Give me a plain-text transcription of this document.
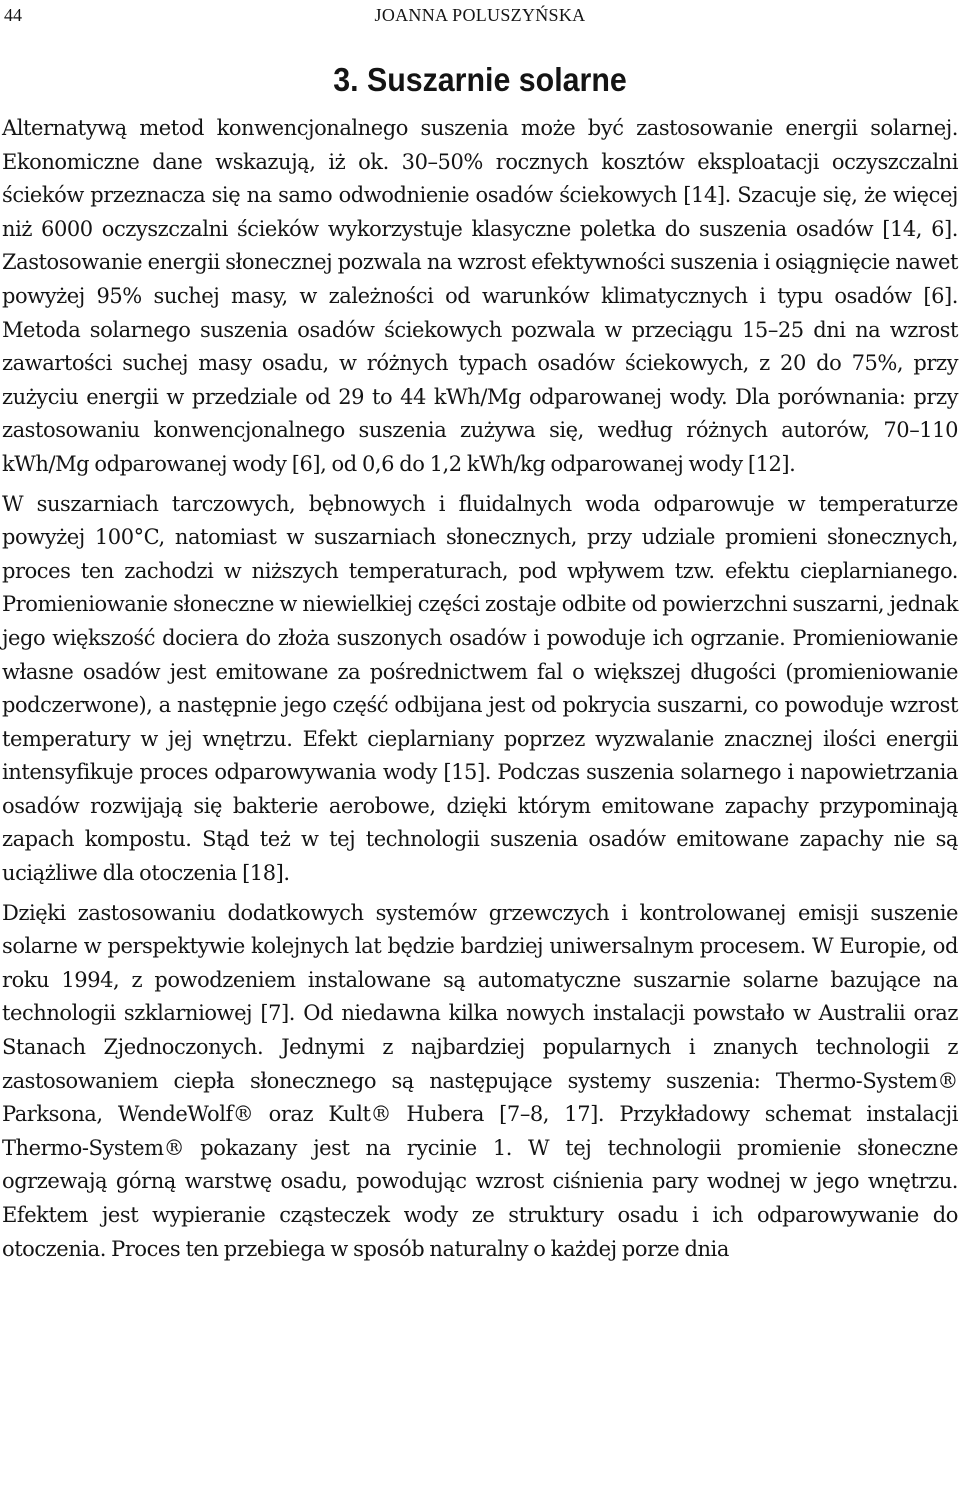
44	JOANNA POLUSZYŃSKA
3. Suszarnie solarne

Alternatywą metod konwencjonalnego suszenia może być zastosowanie energii solarnej. Ekonomiczne dane wskazują, iż ok. 30–50% rocznych kosztów eksploatacji oczyszczalni ścieków przeznacza się na samo odwodnienie osadów ściekowych [14]. Szacuje się, że więcej niż 6000 oczyszczalni ścieków wykorzystuje klasyczne poletka do suszenia osadów [14, 6]. Zastosowanie energii słonecznej pozwala na wzrost efektywności suszenia i osiągnięcie nawet powyżej 95% suchej masy, w zależności od warunków klimatycznych i typu osadów [6]. Metoda solarnego suszenia osadów ściekowych pozwala w przeciągu 15–25 dni na wzrost zawartości suchej masy osadu, w różnych typach osadów ściekowych, z 20 do 75%, przy zużyciu energii w przedziale od 29 to 44 kWh/Mg odparowanej wody. Dla porównania: przy zastosowaniu konwencjonalnego suszenia zużywa się, według różnych autorów, 70–110 kWh/Mg odparowanej wody [6], od 0,6 do 1,2 kWh/kg odparowanej wody [12].

W suszarniach tarczowych, bębnowych i fluidalnych woda odparowuje w temperaturze powyżej 100°C, natomiast w suszarniach słonecznych, przy udziale promieni słonecznych, proces ten zachodzi w niższych temperaturach, pod wpływem tzw. efektu cieplarnianego. Promieniowanie słoneczne w niewielkiej części zostaje odbite od powierzchni suszarni, jednak jego większość dociera do złoża suszonych osadów i powoduje ich ogrzanie. Promieniowanie własne osadów jest emitowane za pośrednictwem fal o większej długości (promieniowanie podczerwone), a następnie jego część odbijana jest od pokrycia suszarni, co powoduje wzrost temperatury w jej wnętrzu. Efekt cieplarniany poprzez wyzwalanie znacznej ilości energii intensyfikuje proces odparowywania wody [15]. Podczas suszenia solarnego i napowietrzania osadów rozwijają się bakterie aerobowe, dzięki którym emitowane zapachy przypominają zapach kompostu. Stąd też w tej technologii suszenia osadów emitowane zapachy nie są uciążliwe dla otoczenia [18].

Dzięki zastosowaniu dodatkowych systemów grzewczych i kontrolowanej emisji suszenie solarne w perspektywie kolejnych lat będzie bardziej uniwersalnym procesem. W Europie, od roku 1994, z powodzeniem instalowane są automatyczne suszarnie solarne bazujące na technologii szklarniowej [7]. Od niedawna kilka nowych instalacji powstało w Australii oraz Stanach Zjednoczonych. Jednymi z najbardziej popularnych i znanych technologii z zastosowaniem ciepła słonecznego są następujące systemy suszenia: Thermo-System® Parksona, WendeWolf® oraz Kult® Hubera [7–8, 17]. Przykładowy schemat instalacji Thermo-System® pokazany jest na rycinie 1. W tej technologii promienie słoneczne ogrzewają górną warstwę osadu, powodując wzrost ciśnienia pary wodnej w jego wnętrzu. Efektem jest wypieranie cząsteczek wody ze struktury osadu i ich odparowywanie do otoczenia. Proces ten przebiega w sposób naturalny o każdej porze dnia
